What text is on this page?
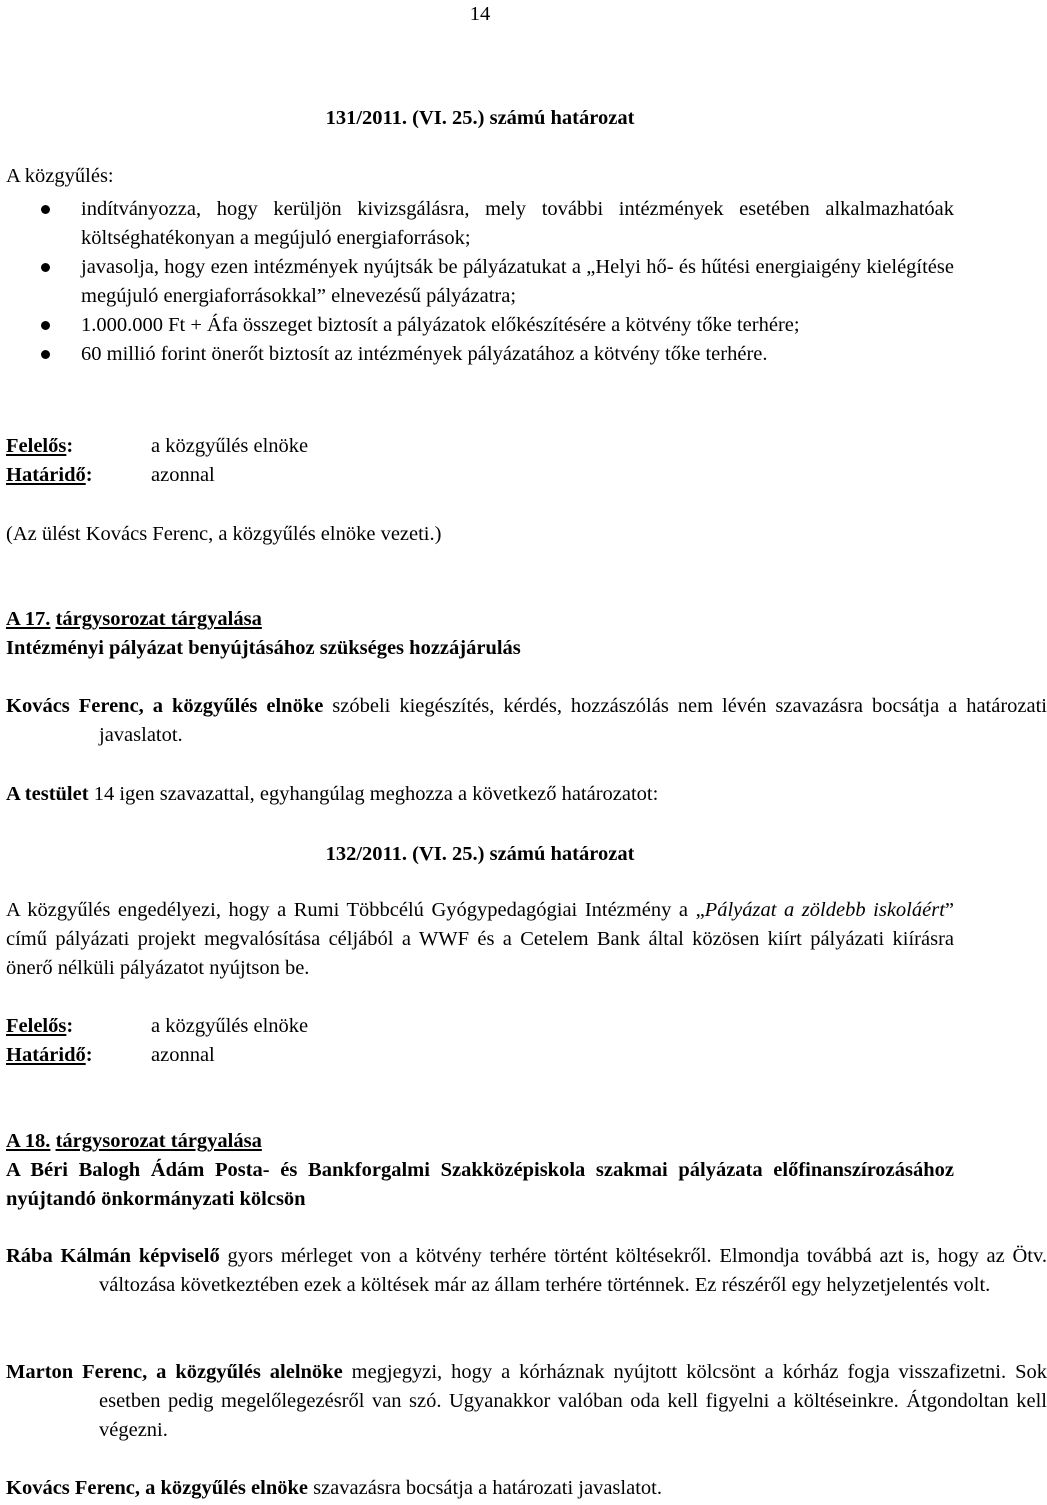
14
131/2011. (VI. 25.) számú határozat
A közgyűlés:
indítványozza, hogy kerüljön kivizsgálásra, mely további intézmények esetében alkalmazhatóak költséghatékonyan a megújuló energiaforrások;
javasolja, hogy ezen intézmények nyújtsák be pályázatukat a „Helyi hő- és hűtési energiaigény kielégítése megújuló energiaforrásokkal” elnevezésű pályázatra;
1.000.000 Ft + Áfa összeget biztosít a pályázatok előkészítésére a kötvény tőke terhére;
60 millió forint önerőt biztosít az intézmények pályázatához a kötvény tőke terhére.
Felelős:	a közgyűlés elnöke
Határidő:	azonnal
(Az ülést Kovács Ferenc, a közgyűlés elnöke vezeti.)
A 17. tárgysorozat tárgyalása
Intézményi pályázat benyújtásához szükséges hozzájárulás

Kovács Ferenc, a közgyűlés elnöke szóbeli kiegészítés, kérdés, hozzászólás nem lévén szavazásra bocsátja a határozati javaslatot.

A testület 14 igen szavazattal, egyhangúlag meghozza a következő határozatot:

132/2011. (VI. 25.) számú határozat

A közgyűlés engedélyezi, hogy a Rumi Többcélú Gyógypedagógiai Intézmény a „Pályázat a zöldebb iskoláért” című pályázati projekt megvalósítása céljából a WWF és a Cetelem Bank által közösen kiírt pályázati kiírásra önerő nélküli pályázatot nyújtson be.

Felelős:	a közgyűlés elnöke
Határidő:	azonnal
A 18. tárgysorozat tárgyalása

A Béri Balogh Ádám Posta- és Bankforgalmi Szakközépiskola szakmai pályázata előfinanszírozásához nyújtandó önkormányzati kölcsön

Rába Kálmán képviselő gyors mérleget von a kötvény terhére történt költésekről. Elmondja továbbá azt is, hogy az Ötv. változása következtében ezek a költések már az állam terhére történnek. Ez részéről egy helyzetjelentés volt.

Marton Ferenc, a közgyűlés alelnöke megjegyzi, hogy a kórháznak nyújtott kölcsönt a kórház fogja visszafizetni. Sok esetben pedig megelőlegezésről van szó. Ugyanakkor valóban oda kell figyelni a költéseinkre. Átgondoltan kell végezni.

Kovács Ferenc, a közgyűlés elnöke szavazásra bocsátja a határozati javaslatot.
